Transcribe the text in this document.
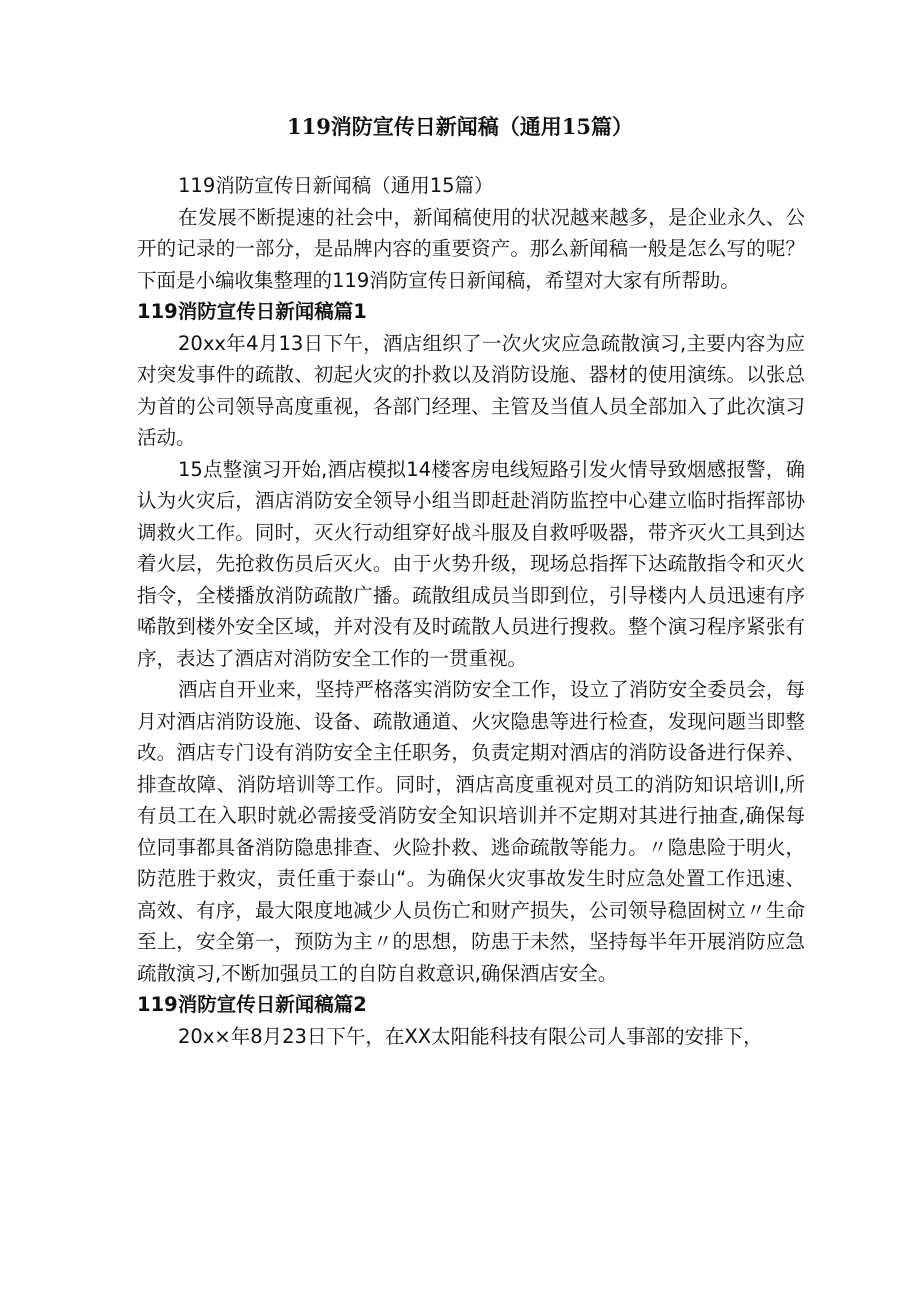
119消防宣传日新闻稿（通用15篇）
119消防宣传日新闻稿（通用15篇）

在发展不断提速的社会中，新闻稿使用的状况越来越多，是企业永久、公开的记录的一部分，是品牌内容的重要资产。那么新闻稿一般是怎么写的呢？下面是小编收集整理的119消防宣传日新闻稿，希望对大家有所帮助。

119消防宣传日新闻稿篇1

20xx年4月13日下午，酒店组织了一次火灾应急疏散演习,主要内容为应对突发事件的疏散、初起火灾的扑救以及消防设施、器材的使用演练。以张总为首的公司领导高度重视，各部门经理、主管及当值人员全部加入了此次演习活动。

15点整演习开始,酒店模拟14楼客房电线短路引发火情导致烟感报警，确认为火灾后，酒店消防安全领导小组当即赶赴消防监控中心建立临时指挥部协调救火工作。同时，灭火行动组穿好战斗服及自救呼吸器，带齐灭火工具到达着火层，先抢救伤员后灭火。由于火势升级，现场总指挥下达疏散指令和灭火指令，全楼播放消防疏散广播。疏散组成员当即到位，引导楼内人员迅速有序唏散到楼外安全区域，并对没有及时疏散人员进行搜救。整个演习程序紧张有序，表达了酒店对消防安全工作的一贯重视。

酒店自开业来，坚持严格落实消防安全工作，设立了消防安全委员会，每月对酒店消防设施、设备、疏散通道、火灾隐患等进行检查，发现问题当即整改。酒店专门设有消防安全主任职务，负责定期对酒店的消防设备进行保养、排查故障、消防培训等工作。同时，酒店高度重视对员工的消防知识培训l,所有员工在入职时就必需接受消防安全知识培训并不定期对其进行抽查,确保每位同事都具备消防隐患排查、火险扑救、逃命疏散等能力。〃隐患险于明火，防范胜于救灾，责任重于泰山“。为确保火灾事故发生时应急处置工作迅速、高效、有序，最大限度地减少人员伤亡和财产损失，公司领导稳固树立〃生命至上，安全第一，预防为主〃的思想，防患于未然，坚持每半年开展消防应急疏散演习,不断加强员工的自防自救意识,确保酒店安全。

119消防宣传日新闻稿篇2

20x×年8月23日下午，在XX太阳能科技有限公司人事部的安排下，
